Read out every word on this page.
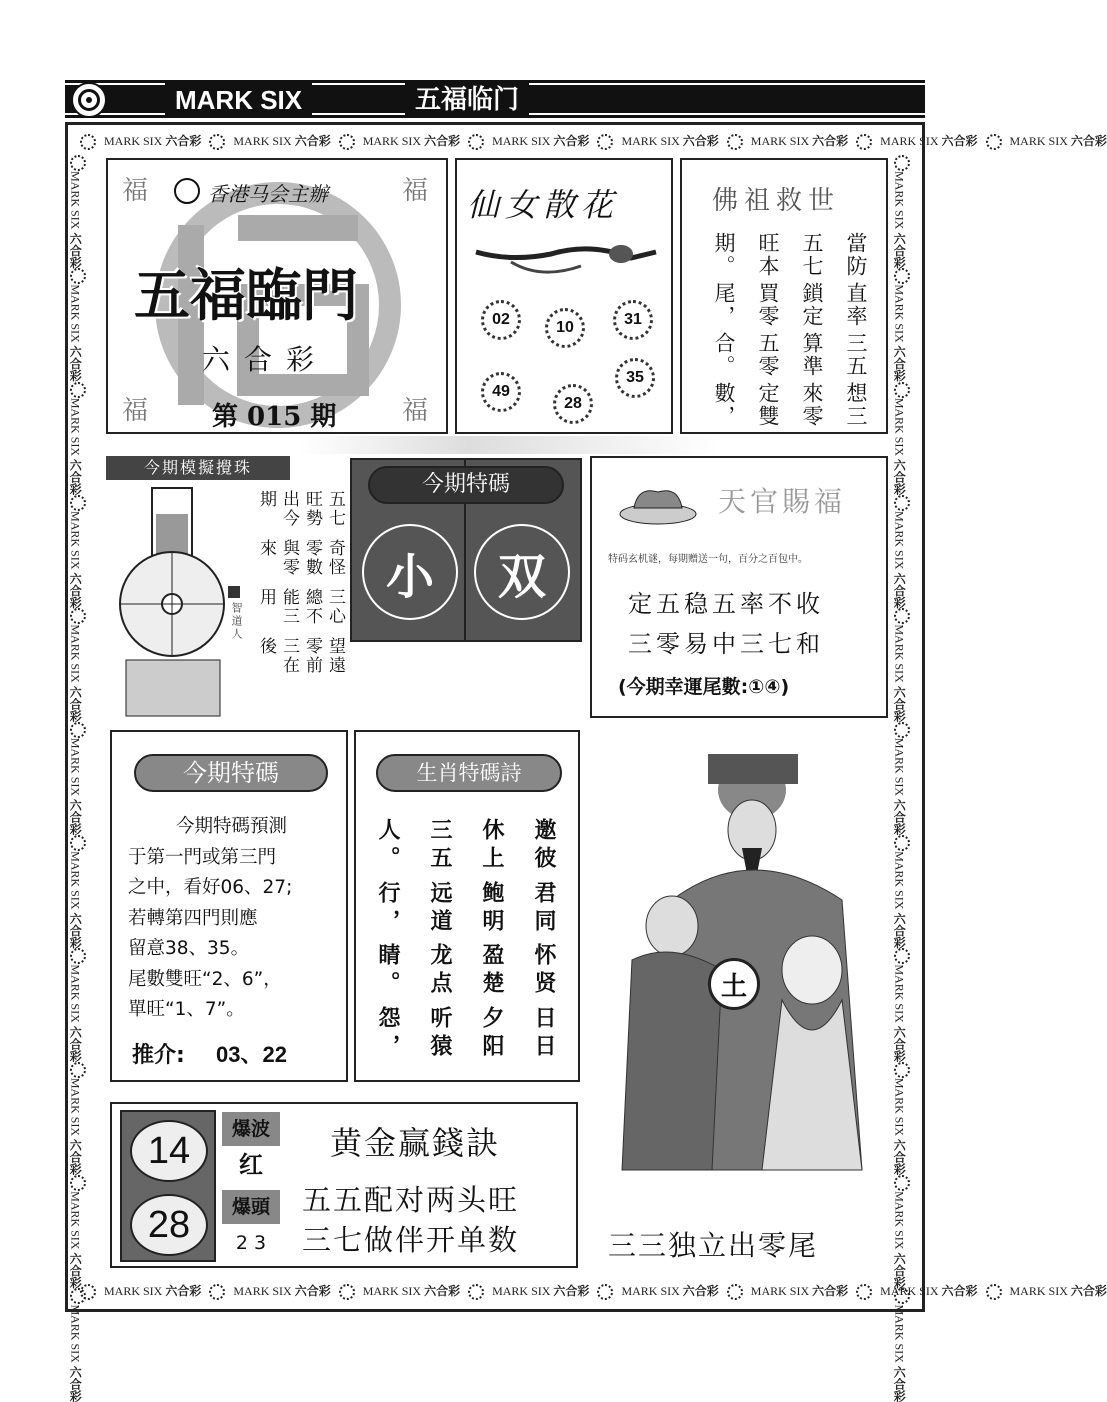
MARK SIX	五福临门
MARK SIX 六合彩	MARK SIX 六合彩	MARK SIX 六合彩	MARK SIX 六合彩	MARK SIX 六合彩	MARK SIX 六合彩	MARK SIX 六合彩	MARK SIX 六合彩
MARK SIX 六合彩	MARK SIX 六合彩	MARK SIX 六合彩	MARK SIX 六合彩	MARK SIX 六合彩	MARK SIX 六合彩	MARK SIX 六合彩	MARK SIX 六合彩
MARK SIX 六合彩MARK SIX 六合彩MARK SIX 六合彩MARK SIX 六合彩MARK SIX 六合彩MARK SIX 六合彩MARK SIX 六合彩MARK SIX 六合彩MARK SIX 六合彩MARK SIX 六合彩MARK SIX 六合彩
MARK SIX 六合彩MARK SIX 六合彩MARK SIX 六合彩MARK SIX 六合彩MARK SIX 六合彩MARK SIX 六合彩MARK SIX 六合彩MARK SIX 六合彩MARK SIX 六合彩MARK SIX 六合彩MARK SIX 六合彩
福	福
福	福
香港马会主辦
五福臨門
六合彩
第 015 期
仙女散花
02	10	31
49
28
35
佛祖救世
想三來零定雙數，
三五算準五零合。
直率鎖定買零尾，
當防五七旺本期。
今期模擬攪珠
智道人
望遠零前三在後
三心總不能三用
奇怪零數與零來
五七旺勢出今期
今期特碼
小	双
天官賜福
特码玄机谜，每期赠送一句，百分之百包中。
定五稳五率不收
三零易中三七和
(今期幸運尾數:①④)
今期特碼
今期特碼預測
于第一門或第三門
之中，看好06、27;
若轉第四門則應
留意38、35。
尾數雙旺“2、6”，
單旺“1、7”。
推介: 03、22
生肖特碼詩
日日夕阳听猿怨，
怀贤盈楚龙点睛。
君同鲍明远道行，
邀彼休上三五人。
14
28
爆波
红
爆頭
2 3
黄金赢錢訣
五五配对两头旺
三七做伴开单数
土
三三独立出零尾
